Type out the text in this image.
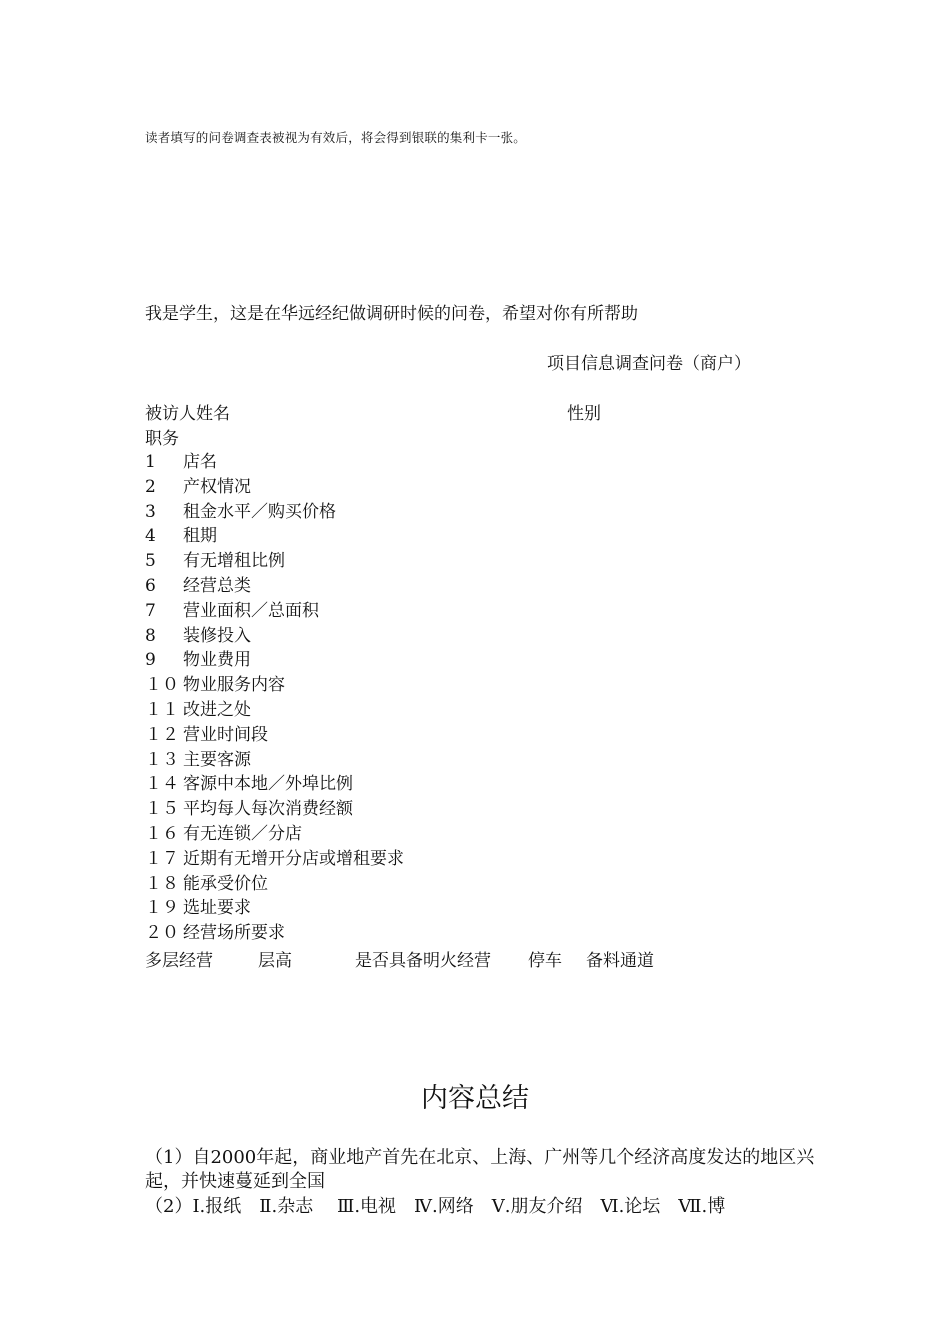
读者填写的问卷调查表被视为有效后，将会得到银联的集利卡一张。
我是学生，这是在华远经纪做调研时候的问卷，希望对你有所帮助
项目信息调查问卷（商户）
被访人姓名	性别
职务
1 店名
2 产权情况
3 租金水平／购买价格
4 租期
5 有无增租比例
6 经营总类
7 营业面积／总面积
8 装修投入
9 物业费用
１０ 物业服务内容
１１ 改进之处
１２ 营业时间段
１３ 主要客源
１４ 客源中本地／外埠比例
１５ 平均每人每次消费经额
１６ 有无连锁／分店
１７ 近期有无增开分店或增租要求
１８ 能承受价位
１９ 选址要求
２０ 经营场所要求
多层经营	层高	是否具备明火经营 停车 备料通道
内容总结
（1）自2000年起，商业地产首先在北京、上海、广州等几个经济高度发达的地区兴起，并快速蔓延到全国
（2）Ⅰ.报纸　Ⅱ.杂志　 Ⅲ.电视　Ⅳ.网络　Ⅴ.朋友介绍　Ⅵ.论坛　Ⅶ.博
